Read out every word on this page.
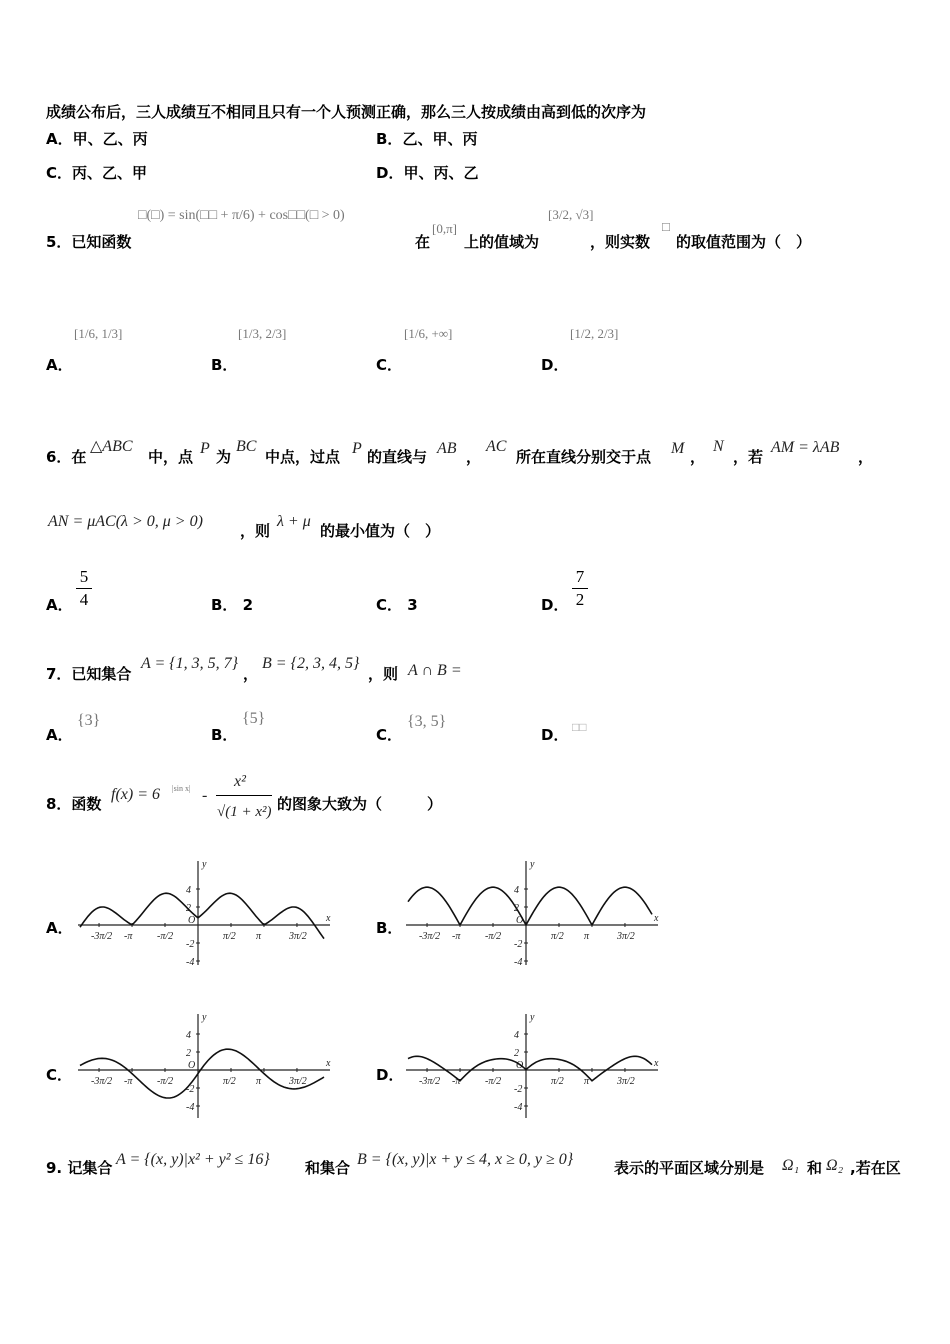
成绩公布后，三人成绩互不相同且只有一个人预测正确，那么三人按成绩由高到低的次序为
A．甲、乙、丙	B．乙、甲、丙
C．丙、乙、甲	D．甲、丙、乙
5．已知函数
□(□) = sin(□□ + π/6) + cos□□(□ > 0)
在
[0,π]
上的值域为
[3/2, √3]
，则实数
□
的取值范围为（　）
A．
[1/6, 1/3]
B．
[1/3, 2/3]
C．
[1/6, +∞]
D．
[1/2, 2/3]
6．在
△ABC
中，点 P 为
BC
中点，过点 P 的直线与 AB ，
AC
所在直线分别交于点 M ，
N
，若
AM = λAB
，
AN = μAC(λ > 0, μ > 0)
，则
λ + μ
的最小值为（　）
A．
5
4	B． 2	C． 3	D．
7
2
7．已知集合
A = {1, 3, 5, 7}
，
B = {2, 3, 4, 5}
，则 A ∩ B =
A．
{3}
B．
{5}
C．
{3, 5}
D． □□
8．函数
f(x) = 6 |sin x| -
x²
√(1 + x²) 的图象大致为（　　　）
A．	B．
C．	D．
y
x
O
4
2
-2
-4
-3π/2 -π -π/2	π/2 π	3π/2
y
x
O
4
2
-2
-4
-3π/2 -π -π/2	π/2 π	3π/2
y
x
O
4
2
-2
-4
-3π/2 -π -π/2	π/2 π	3π/2
y
x
O
4
2
-2
-4
-3π/2 -π -π/2	π/2 π	3π/2
9. 记集合 A = {(x, y)|x² + y² ≤ 16} 和集合 B = {(x, y)|x + y ≤ 4, x ≥ 0, y ≥ 0}	表示的平面区域分别是 Ω₁ 和 Ω₂ ,若在区
